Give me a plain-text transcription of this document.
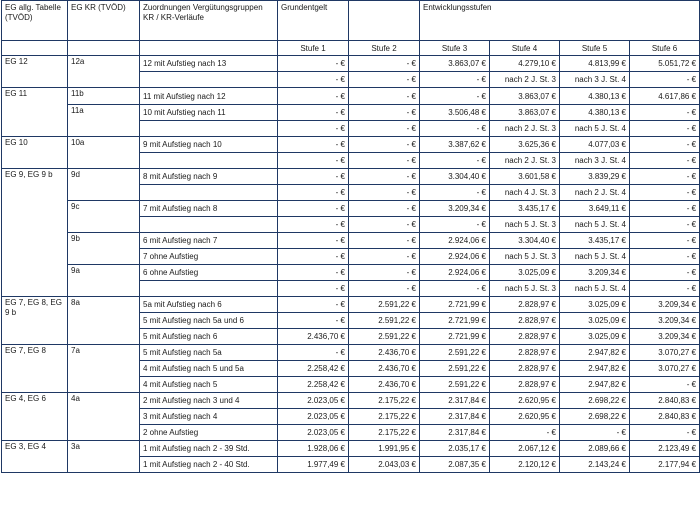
EG allg. Tabelle (TVÖD)	EG KR (TVÖD)	Zuordnungen Vergütungsgruppen KR / KR-Verläufe	Grundentgelt		Entwicklungsstufen			
			Stufe 1	Stufe 2	Stufe 3	Stufe 4	Stufe 5	Stufe 6
EG 12	12a	12 mit Aufstieg nach 13	- €	- €	3.863,07 €	4.279,10 €	4.813,99 €	5.051,72 €
			- €	- €	- €	nach 2 J. St. 3	nach 3 J. St. 4	- €
EG 11	11b	11 mit Aufstieg nach 12	- €	- €	- €	3.863,07 €	4.380,13 €	4.617,86 €
	11a	10 mit Aufstieg nach 11	- €	- €	3.506,48 €	3.863,07 €	4.380,13 €	- €
			- €	- €	- €	nach 2 J. St. 3	nach 5 J. St. 4	- €
EG 10	10a	9 mit Aufstieg nach 10	- €	- €	3.387,62 €	3.625,36 €	4.077,03 €	- €
			- €	- €	- €	nach 2 J. St. 3	nach 3 J. St. 4	- €
EG 9, EG 9 b	9d	8 mit Aufstieg nach 9	- €	- €	3.304,40 €	3.601,58 €	3.839,29 €	- €
			- €	- €	- €	nach 4 J. St. 3	nach 2 J. St. 4	- €
	9c	7 mit Aufstieg nach 8	- €	- €	3.209,34 €	3.435,17 €	3.649,11 €	- €
			- €	- €	- €	nach 5 J. St. 3	nach 5 J. St. 4	- €
	9b	6 mit Aufstieg nach 7	- €	- €	2.924,06 €	3.304,40 €	3.435,17 €	- €
		7 ohne Aufstieg	- €	- €	2.924,06 €	nach 5 J. St. 3	nach 5 J. St. 4	- €
	9a	6 ohne Aufstieg	- €	- €	2.924,06 €	3.025,09 €	3.209,34 €	- €
			- €	- €	- €	nach 5 J. St. 3	nach 5 J. St. 4	- €
EG 7, EG 8, EG 9 b	8a	5a mit Aufstieg nach 6	- €	2.591,22 €	2.721,99 €	2.828,97 €	3.025,09 €	3.209,34 €
		5 mit Aufstieg nach 5a und 6	- €	2.591,22 €	2.721,99 €	2.828,97 €	3.025,09 €	3.209,34 €
		5 mit Aufstieg nach 6	2.436,70 €	2.591,22 €	2.721,99 €	2.828,97 €	3.025,09 €	3.209,34 €
EG 7, EG 8	7a	5 mit Aufstieg nach 5a	- €	2.436,70 €	2.591,22 €	2.828,97 €	2.947,82 €	3.070,27 €
		4 mit Aufstieg nach 5 und 5a	2.258,42 €	2.436,70 €	2.591,22 €	2.828,97 €	2.947,82 €	3.070,27 €
		4 mit Aufstieg nach 5	2.258,42 €	2.436,70 €	2.591,22 €	2.828,97 €	2.947,82 €	- €
EG 4, EG 6	4a	2 mit Aufstieg nach 3 und 4	2.023,05 €	2.175,22 €	2.317,84 €	2.620,95 €	2.698,22 €	2.840,83 €
		3 mit Aufstieg nach 4	2.023,05 €	2.175,22 €	2.317,84 €	2.620,95 €	2.698,22 €	2.840,83 €
		2 ohne Aufstieg	2.023,05 €	2.175,22 €	2.317,84 €	- €	- €	- €
EG 3, EG 4	3a	1 mit Aufstieg nach 2 - 39 Std.	1.928,06 €	1.991,95 €	2.035,17 €	2.067,12 €	2.089,66 €	2.123,49 €
		1 mit Aufstieg nach 2 - 40 Std.	1.977,49 €	2.043,03 €	2.087,35 €	2.120,12 €	2.143,24 €	2.177,94 €
